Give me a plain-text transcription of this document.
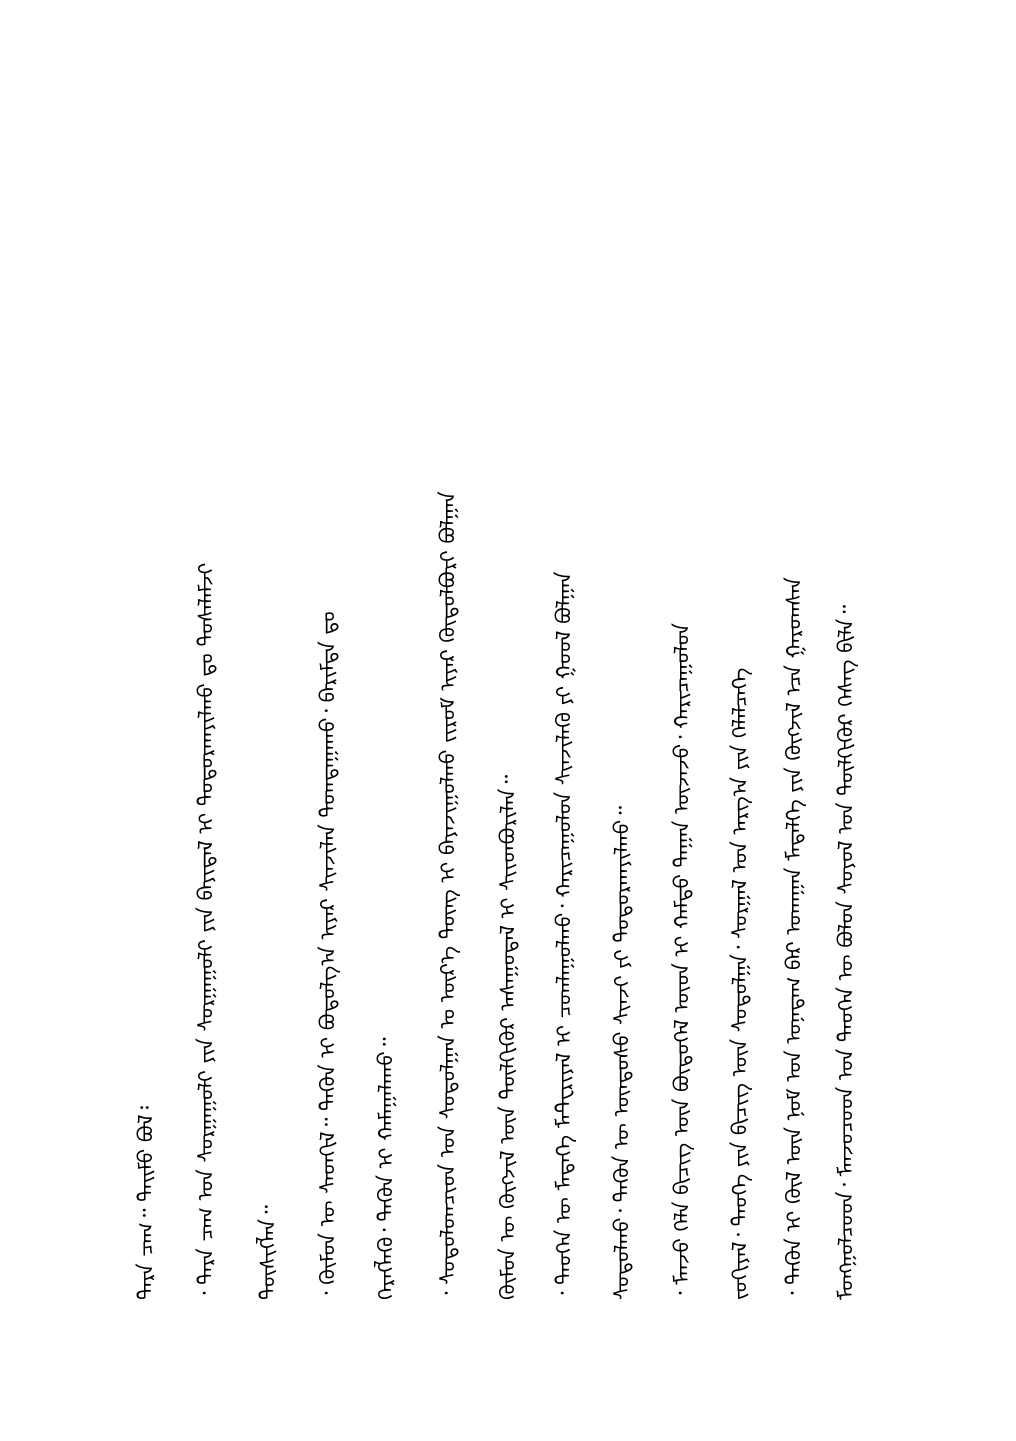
ᠮᠣᠩᠭᠣᠯᠴᠤᠳ᠂ ᠮᠠᠨᠵᠤᠴᠤᠳ ᠤᠨ ᠲᠡᠦᠬᠡᠨ ᠦ ᠪᠣᠯᠤᠨ ᠰᠣᠶᠣᠯ ᠤᠨ ᠲᠦᠯᠬᠢᠭᠦᠷ ᠬᠡᠰᠡᠭ ᠪᠢᠯᠡ᠃
᠂ ᠲᠡᠭᠦᠨ ᠢ ᠬᠥᠯ ᠦᠨ ᠨᠣᠮ ᠣᠨ ᠤᠨᠠᠳᠠᠭ ᠪᠠᠷ ᠤᠬᠠᠭᠠᠨ ᠮᠡᠳᠡᠯᠭᠡ ᠶᠢᠨ ᠬᠥᠭᠵᠢᠯ ᠡᠴᠡ ᠭᠠᠷᠤᠭᠰᠠᠨ
ᠵᠣᠬᠢᠶᠠᠯ᠂ ᠲᠡᠦᠬᠡ ᠶᠢᠨ ᠪᠢᠴᠢᠭ ᠦᠨ ᠰᠤᠳᠤᠯᠭᠠ᠂ ᠰᠤᠷᠭᠠᠯ ᠤᠨ ᠠᠷᠭ᠎ᠠ ᠶᠢᠨ ᠬᠡᠯᠡᠯᠴᠡᠭᠡ
᠂ ᠮᠠᠨᠵᠤ ᠬᠡᠯᠡ ᠪᠢᠴᠢᠭ ᠦᠨ ᠪᠦᠲᠦᠭᠡᠯ ᠦᠳ ᠢ ᠬᠠᠮᠲᠤ ᠳᠠᠭᠠᠨ ᠦᠵᠡᠵᠦ᠂ ᠬᠠᠷᠢᠴᠠᠭᠤᠯᠤᠨ
ᠰᠤᠳᠤᠯᠬᠤ᠂ ᠲᠡᠭᠦᠨ ᠦ ᠦᠨᠳᠦᠰᠦ ᠰᠢᠨᠵᠢ ᠶᠢ ᠲᠣᠳᠤᠷᠬᠠᠶᠢᠯᠬᠤ᠃
᠂ ᠲᠡᠦᠬᠡᠨ ᠦ ᠮᠡᠳᠡᠭᠡ ᠮᠠᠲᠧᠷᠢᠶᠠᠯ ᠢ ᠴᠤᠭᠯᠠᠭᠤᠯᠬᠤ᠂ ᠬᠠᠷᠢᠴᠠᠭᠤᠯᠤᠨ ᠰᠢᠨᠵᠢᠯᠡᠬᠦ ᠶᠢ ᠭᠣᠣᠯ ᠪᠣᠯᠭᠠᠨ
ᠬᠦᠮᠦᠨ ᠦ ᠬᠥᠭᠵᠢᠯ ᠦᠨ ᠲᠦᠯᠬᠢᠭᠦᠷ ᠠᠰᠠᠭᠤᠳᠠᠯ ᠢ ᠰᠢᠢᠳᠪᠦᠷᠢᠯᠡᠨ᠃
᠂ ᠰᠤᠳᠤᠯᠤᠭᠴᠢᠳ ᠤᠨ ᠰᠤᠳᠤᠯᠭᠠᠨ ᠤ ᠦᠷ᠎ᠡ ᠳᠦᠩ ᠢ ᠪᠠᠶᠠᠵᠢᠭᠤᠯᠬᠤ ᠵᠢᠷᠤᠮ ᠢᠶᠡᠷ ᠬᠥᠲᠦᠯᠪᠦᠷᠢ ᠪᠣᠯᠭᠠᠨ
ᠬᠡᠷᠡᠭᠯᠡᠬᠦ᠂ ᠲᠡᠭᠦᠨ ᠢ ᠬᠠᠮᠠᠭᠠᠯᠠᠬᠤ᠃
᠂ ᠬᠦᠮᠦᠨ ᠦ ᠰᠡᠳᠬᠢᠯ᠃ ᠲᠡᠭᠦᠨ ᠢ ᠪᠣᠳᠤᠯᠭ᠎ᠠ ᠢᠶᠡᠷ ᠰᠢᠨᠵᠢᠯᠡᠨ ᠲᠣᠭᠲᠠᠭᠠᠬᠤ᠂ ᠪᠠᠷᠢᠮᠲᠠ ᠳᠤ
ᠲᠦᠰᠢᠭᠯᠡᠨ᠃
᠂ ᠲᠡᠷᠡ ᠴᠠᠭ ᠤᠨ ᠰᠤᠷᠭᠠᠭᠤᠯᠢ ᠶᠢᠨ ᠰᠤᠷᠭᠠᠭᠤᠯᠢ ᠶᠢᠨ ᠪᠠᠶᠢᠳᠠᠯ ᠢ ᠲᠣᠳᠤᠷᠬᠠᠶᠢᠯᠬᠤ ᠳᠤ ᠳᠤᠰᠠᠯᠠᠮᠵᠢ
ᠲᠡᠷᠡ ᠴᠠᠭ᠃ ᠲᠡᠢᠮᠦ ᠪᠣᠯ᠄
